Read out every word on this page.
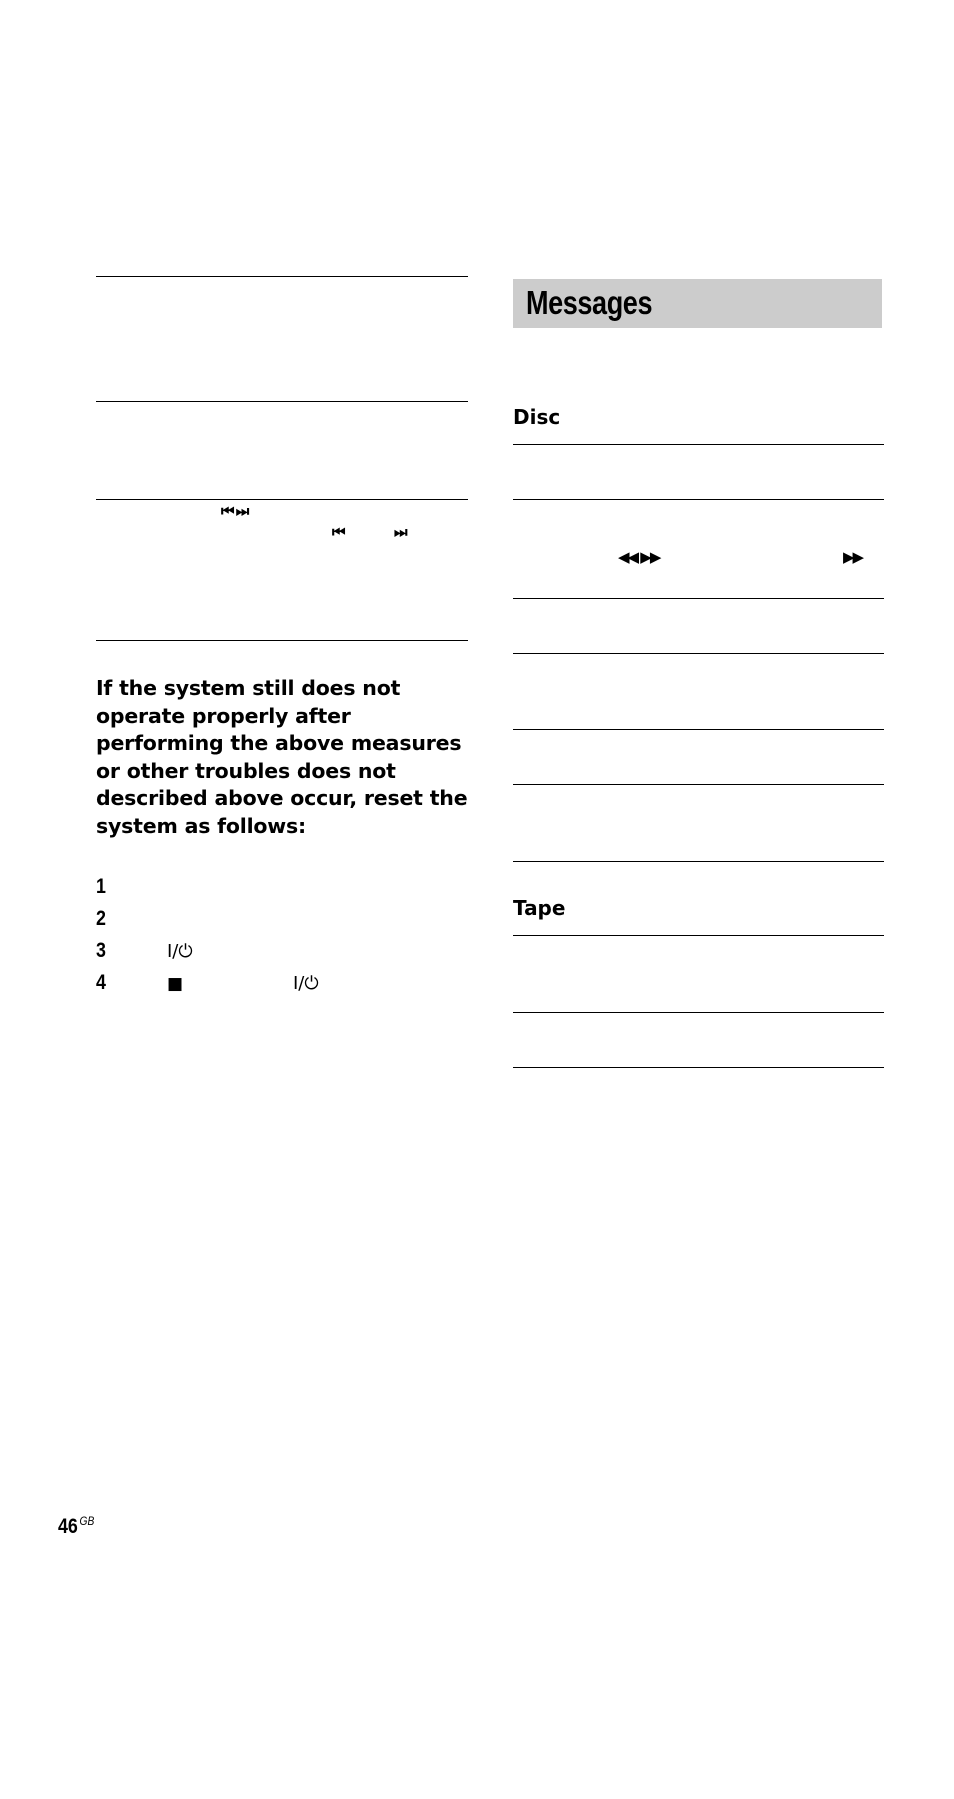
⏮ ⏭
⏮	⏭
If the system still does not operate properly after performing the above measures or other troubles does not described above occur, reset the system as follows:
1
2
3	I/⏻
4	■	I/⏻
Messages
Disc
◀◀ ▶▶	▶▶
Tape
46 $^{GB}$
